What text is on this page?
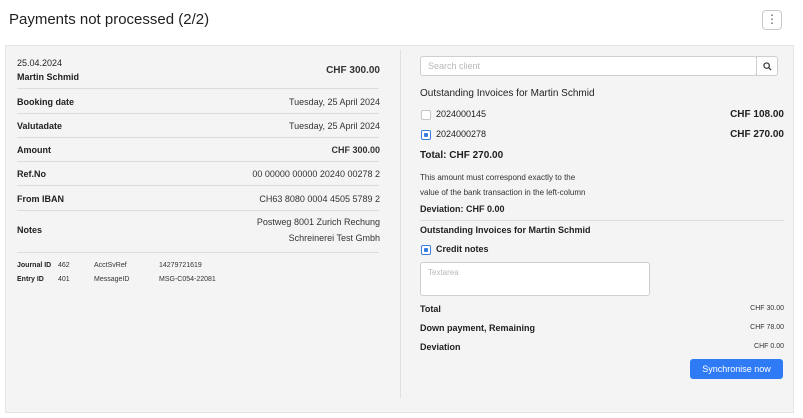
Payments not processed (2/2)	⋮
25.04.2024
Martin Schmid
CHF 300.00
Booking date	Tuesday, 25 April 2024
Valutadate	Tuesday, 25 April 2024
Amount	CHF 300.00
Ref.No	00 00000 00000 20240 00278 2
From IBAN	CH63 8080 0004 4505 5789 2
Notes
Postweg 8001 Zurich Rechung
Schreinerei Test Gmbh
Journal ID 462	AcctSvRef	14279721619
Entry ID 401	MessageID	MSG-C054-22081
Search client
Outstanding Invoices for Martin Schmid
2024000145	CHF 108.00
2024000278	CHF 270.00
Total: CHF 270.00
This amount must correspond exactly to the
value of the bank transaction in the left-column
Deviation: CHF 0.00
Outstanding Invoices for Martin Schmid
Credit notes
Textarea
Total	CHF 30.00
Down payment, Remaining	CHF 78.00
Deviation	CHF 0.00
Synchronise now
